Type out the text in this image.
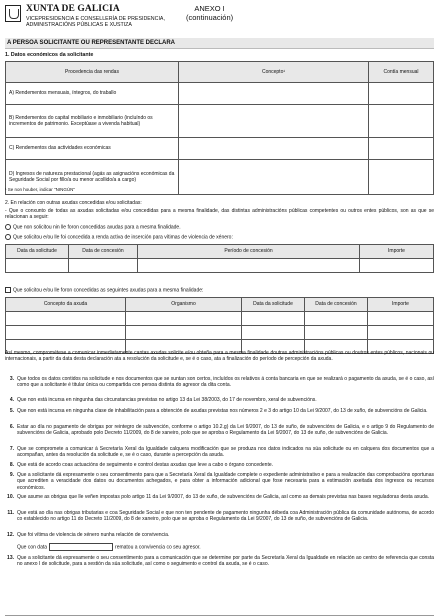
XUNTA DE GALICIA
VICEPRESIDENCIA E CONSELLERÍA DE PRESIDENCIA,
ADMINISTRACIÓNS PÚBLICAS E XUSTIZA
ANEXO I
(continuación)
A PERSOA SOLICITANTE OU REPRESENTANTE DECLARA
1. Datos económicos da solicitante
Procedencia das rendas	Concepto¹	Contía mensual
A) Rendementos mensuais, íntegros, do traballo		
B) Rendementos do capital mobiliario e inmobiliario (incluíndo os incrementos de patrimonio. Exceptúase a vivenda habitual)		
C) Rendementos das actividades económicas		
D) Ingresos de natureza prestacional (agás as asignacións económicas da Seguridade Social por fillo/a ou menor acollido/a a cargo)		
¹ Se non houber, indicar "NINGÚN"
2. En relación con outras axudas concedidas e/ou solicitadas:
- Que o conxunto de todas as axudas solicitadas e/ou concedidas para a mesma finalidade, das distintas administracións públicas competentes ou outros entes públicos, son as que se relacionan a seguir:
Que non solicitou nin lle foron concedidas axudas para a mesma finalidade.
Que solicitou e/ou lle foi concedida a renda activa de inserción para vítimas de violencia de xénero:
Data da solicitude	Data de concesión	Período de concesión	Importe

Que solicitou e/ou lle foron concedidas as seguintes axudas para a mesma finalidade:
Concepto da axuda	Organismo	Data da solicitude	Data de concesión	Importe

Así mesmo, comprométese a comunicar inmediatamente cantas axudas solicite e/ou obteña para a mesma finalidade doutras administracións públicas ou doutros entes públicos, nacionais ou internacionais, a partir da data desta declaración ata a resolución da solicitude e, se é o caso, ata a finalización do período de percepción da axuda.
3. Que todos os datos contidos na solicitude e nos documentos que se xuntan son certos, incluídos os relativos á conta bancaria en que se realizará o pagamento da axuda, se é o caso, así como que a solicitante é titular única ou compartida con persoa distinta do agresor da dita conta.
4. Que non está incursa en ningunha das circunstancias previstas no artigo 13 da Lei 38/2003, do 17 de novembro, xeral de subvencións.
5. Que non está incursa en ningunha clase de inhabilitación para a obtención de axudas previstas nos números 2 e 3 do artigo 10 da Lei 9/2007, do 13 de xuño, de subvencións de Galicia.
6. Estar ao día no pagamento de obrigas por reintegro de subvención, conforme o artigo 10.2.g) da Lei 9/2007, do 13 de xuño, de subvencións de Galicia, e o artigo 9 do Regulamento de subvencións de Galicia, aprobado polo Decreto 11/2009, do 8 de xaneiro, polo que se aproba o Regulamento da Lei 9/2007, do 13 de xuño, de subvencións de Galicia.
7. Que se compromete a comunicar á Secretaría Xeral da Igualdade calquera modificación que se produza nos datos indicados na súa solicitude ou en calquera dos documentos que a acompañan, antes da resolución da solicitude e, se é o caso, durante a percepción da axuda.
8. Que está de acordo coas actuacións de seguimento e control destas axudas que leve a cabo o órgano concedente.
9. Que a solicitante dá expresamente o seu consentimento para que a Secretaría Xeral da Igualdade complete o expediente administrativo e para a realización das comprobacións oportunas que acrediten a veracidade dos datos ou documentos achegados, e para obter a información adicional que fose necesaria para a estimación axeitada dos ingresos ou recursos económicos.
10. Que asume as obrigas que lle veñen impostas polo artigo 11 da Lei 9/2007, do 13 de xuño, de subvencións de Galicia, así como as demais previstas nas bases reguladoras desta axuda.
11. Que está ao día nas obrigas tributarias e coa Seguridade Social e que non ten pendente de pagamento ningunha débeda coa Administración pública da comunidade autónoma, de acordo co establecido no artigo 11 do Decreto 11/2009, do 8 de xaneiro, polo que se aproba o Regulamento da Lei 9/2007, do 13 de xuño, de subvencións de Galicia.
12. Que foi vítima de violencia de xénero nunha relación de convivencia.
Que con data	rematou a convivencia co seu agresor.
13. Que a solicitante dá expresamente o seu consentimento para a comunicación que se determine por parte da Secretaría Xeral da Igualdade en relación ao centro de referencia que consta no anexo I de solicitude, para a xestión da súa solicitude, así como o seguimento e control da axuda, se é o caso.
